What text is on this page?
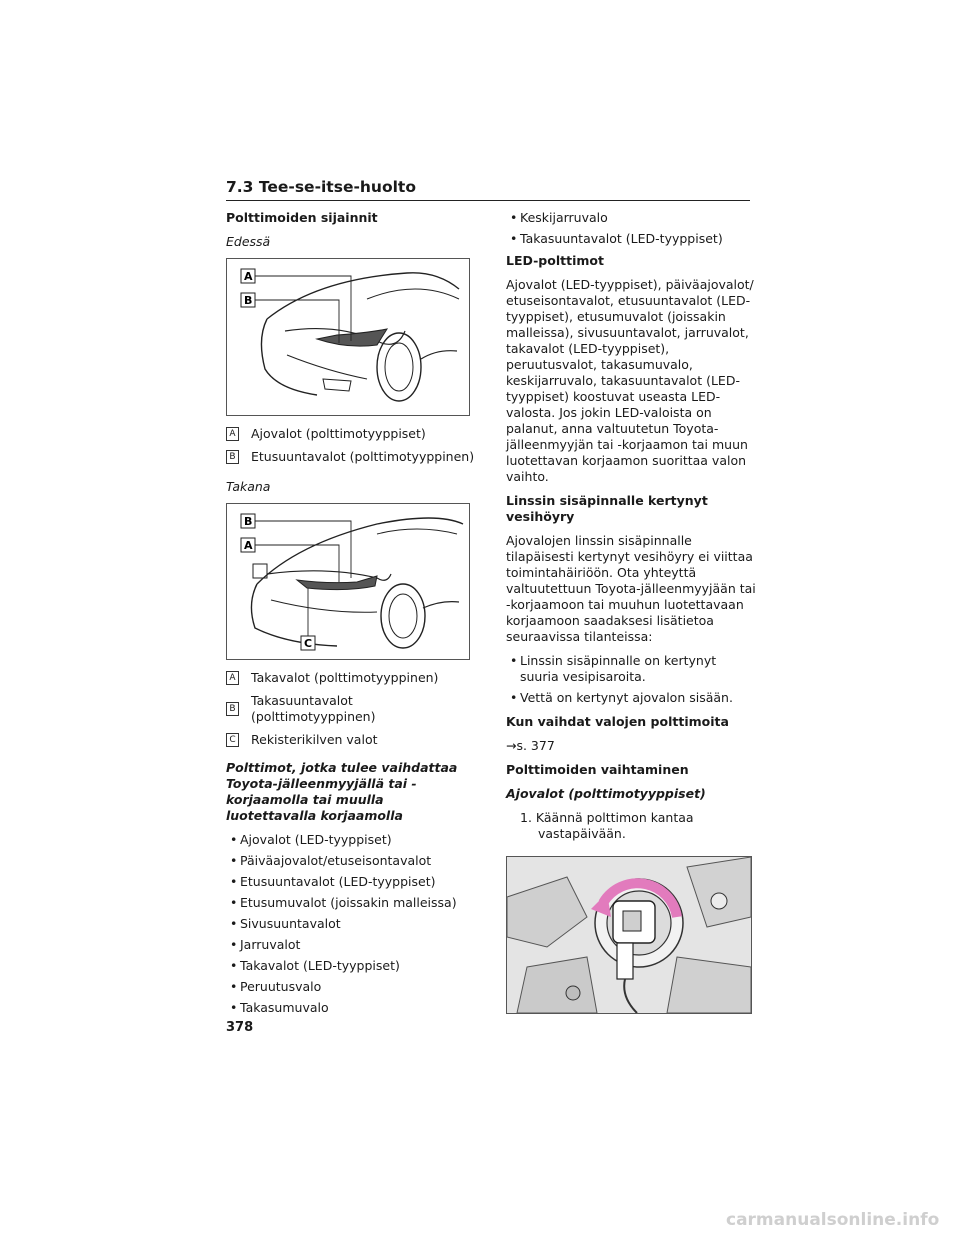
7.3 Tee-se-itse-huolto

Polttimoiden sijainnit

Edessä

A
B
A Ajovalot (polttimotyyppiset)
B Etusuuntavalot (polttimotyyppinen)

Takana

B
A
C
A Takavalot (polttimotyyppinen)
B
Takasuuntavalot (polttimotyyppinen)
C Rekisterikilven valot

Polttimot, jotka tulee vaihdattaa Toyota-jälleenmyyjällä tai -korjaamolla tai muulla luotettavalla korjaamolla

• Ajovalot (LED-tyyppiset)
• Päiväajovalot/etuseisontavalot
• Etusuuntavalot (LED-tyyppiset)
• Etusumuvalot (joissakin malleissa)
• Sivusuuntavalot
• Jarruvalot
• Takavalot (LED-tyyppiset)
• Peruutusvalo
• Takasumuvalo
• Keskijarruvalo
• Takasuuntavalot (LED-tyyppiset)

LED-polttimot

Ajovalot (LED-tyyppiset), päiväajovalot/ etuseisontavalot, etusuuntavalot (LED-tyyppiset), etusumuvalot (joissakin malleissa), sivusuuntavalot, jarruvalot, takavalot (LED-tyyppiset), peruutusvalot, takasumuvalo, keskijarruvalo, takasuuntavalot (LED-tyyppiset) koostuvat useasta LED-valosta. Jos jokin LED-valoista on palanut, anna valtuutetun Toyota-jälleenmyyjän tai -korjaamon tai muun luotettavan korjaamon suorittaa valon vaihto.

Linssin sisäpinnalle kertynyt vesihöyry

Ajovalojen linssin sisäpinnalle tilapäisesti kertynyt vesihöyry ei viittaa toimintahäiriöön. Ota yhteyttä valtuutettuun Toyota-jälleenmyyjään tai -korjaamoon tai muuhun luotettavaan korjaamoon saadaksesi lisätietoa seuraavissa tilanteissa:

• Linssin sisäpinnalle on kertynyt suuria vesipisaroita.
• Vettä on kertynyt ajovalon sisään.

Kun vaihdat valojen polttimoita

→s. 377

Polttimoiden vaihtaminen

Ajovalot (polttimotyyppiset)

1. Käännä polttimon kantaa vastapäivään.

378
carmanualsonline.info
